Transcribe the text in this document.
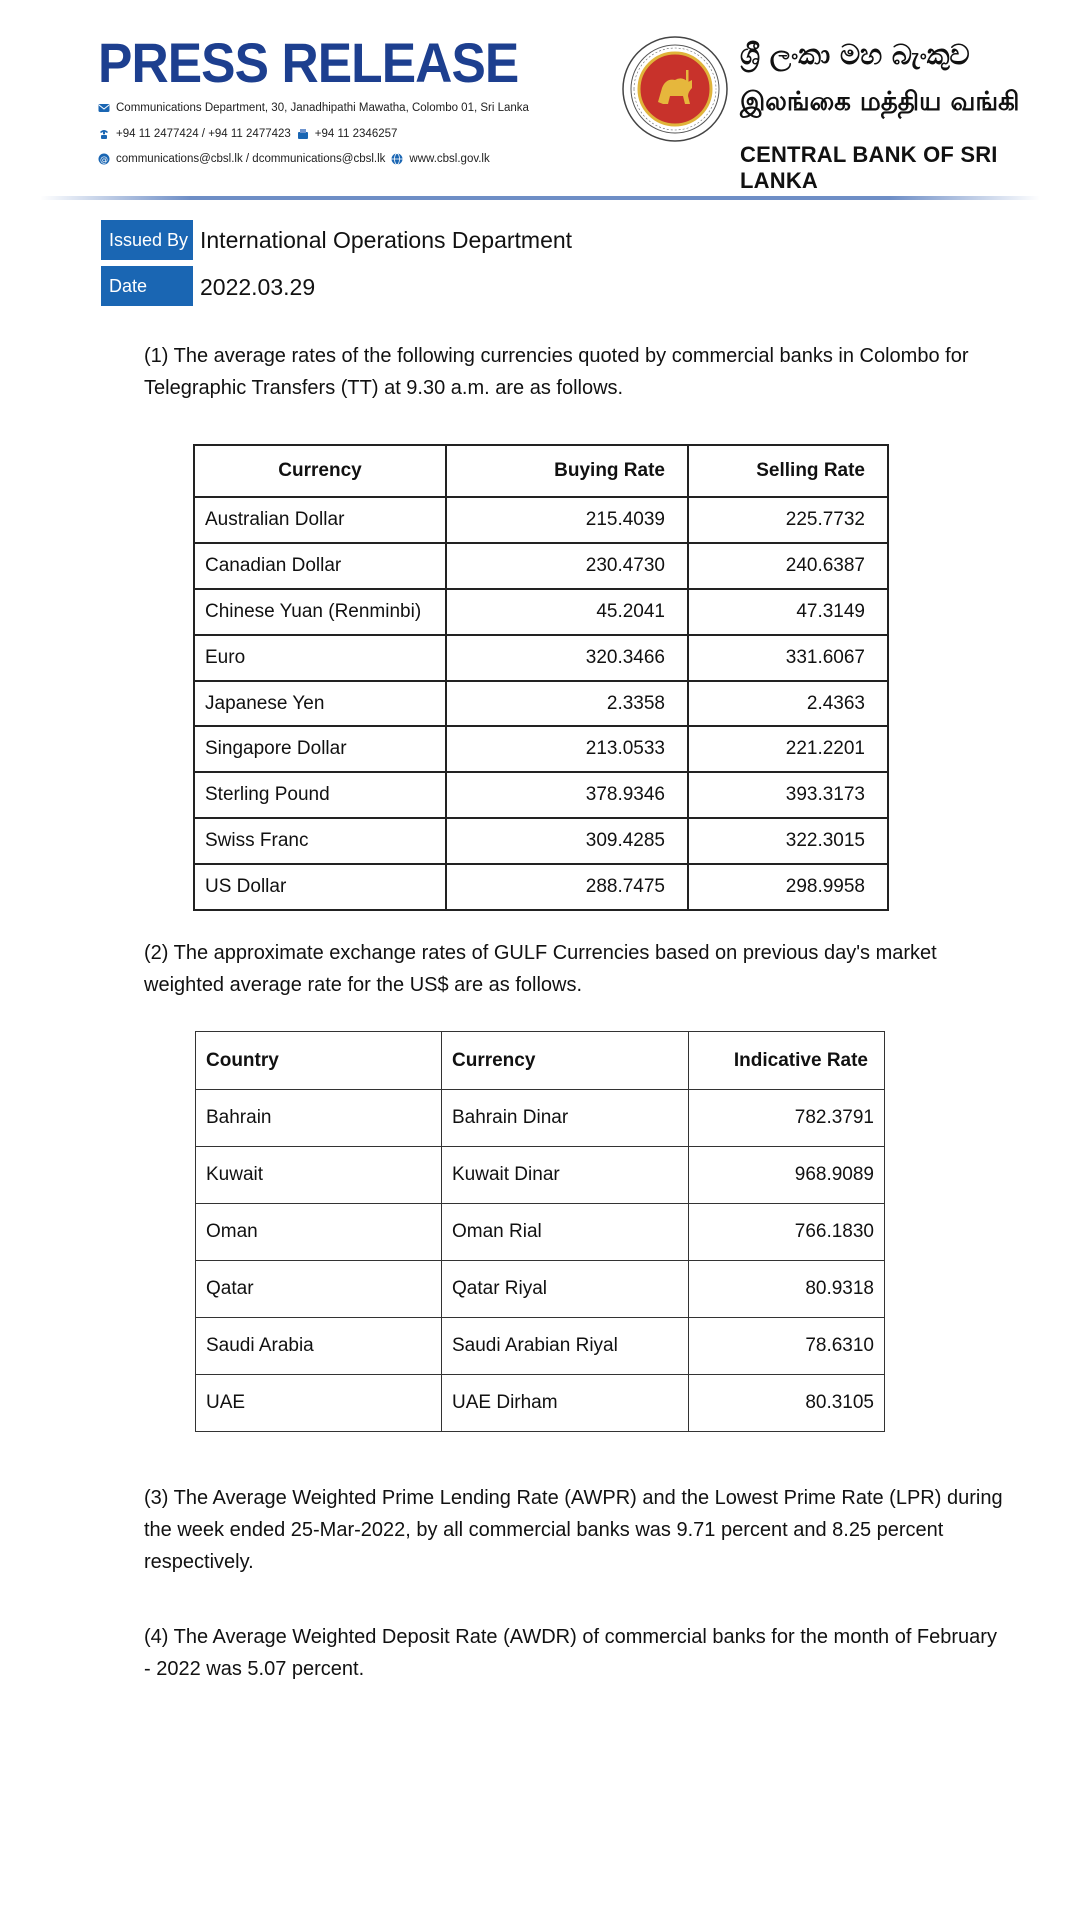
PRESS RELEASE
Communications Department, 30, Janadhipathi Mawatha, Colombo 01, Sri Lanka
+94 11 2477424 / +94 11 2477423 +94 11 2346257
@ communications@cbsl.lk / dcommunications@cbsl.lk www.cbsl.gov.lk
ශ්‍රී ලංකා මහ බැංකුව
இலங்கை மத்திய வங்கி
CENTRAL BANK OF SRI LANKA
Issued By International Operations Department
Date	2022.03.29

(1) The average rates of the following currencies quoted by commercial banks in Colombo for Telegraphic Transfers (TT) at 9.30 a.m. are as follows.

Currency	Buying Rate	Selling Rate
Australian Dollar	215.4039	225.7732
Canadian Dollar	230.4730	240.6387
Chinese Yuan (Renminbi)	45.2041	47.3149
Euro	320.3466	331.6067
Japanese Yen	2.3358	2.4363
Singapore Dollar	213.0533	221.2201
Sterling Pound	378.9346	393.3173
Swiss Franc	309.4285	322.3015
US Dollar	288.7475	298.9958

(2) The approximate exchange rates of GULF Currencies based on previous day's market weighted average rate for the US$ are as follows.

Country	Currency	Indicative Rate
Bahrain	Bahrain Dinar	782.3791
Kuwait	Kuwait Dinar	968.9089
Oman	Oman Rial	766.1830
Qatar	Qatar Riyal	80.9318
Saudi Arabia	Saudi Arabian Riyal	78.6310
UAE	UAE Dirham	80.3105

(3) The Average Weighted Prime Lending Rate (AWPR) and the Lowest Prime Rate (LPR) during the week ended 25-Mar-2022, by all commercial banks was 9.71 percent and 8.25 percent respectively.

(4) The Average Weighted Deposit Rate (AWDR) of commercial banks for the month of February - 2022 was 5.07 percent.
